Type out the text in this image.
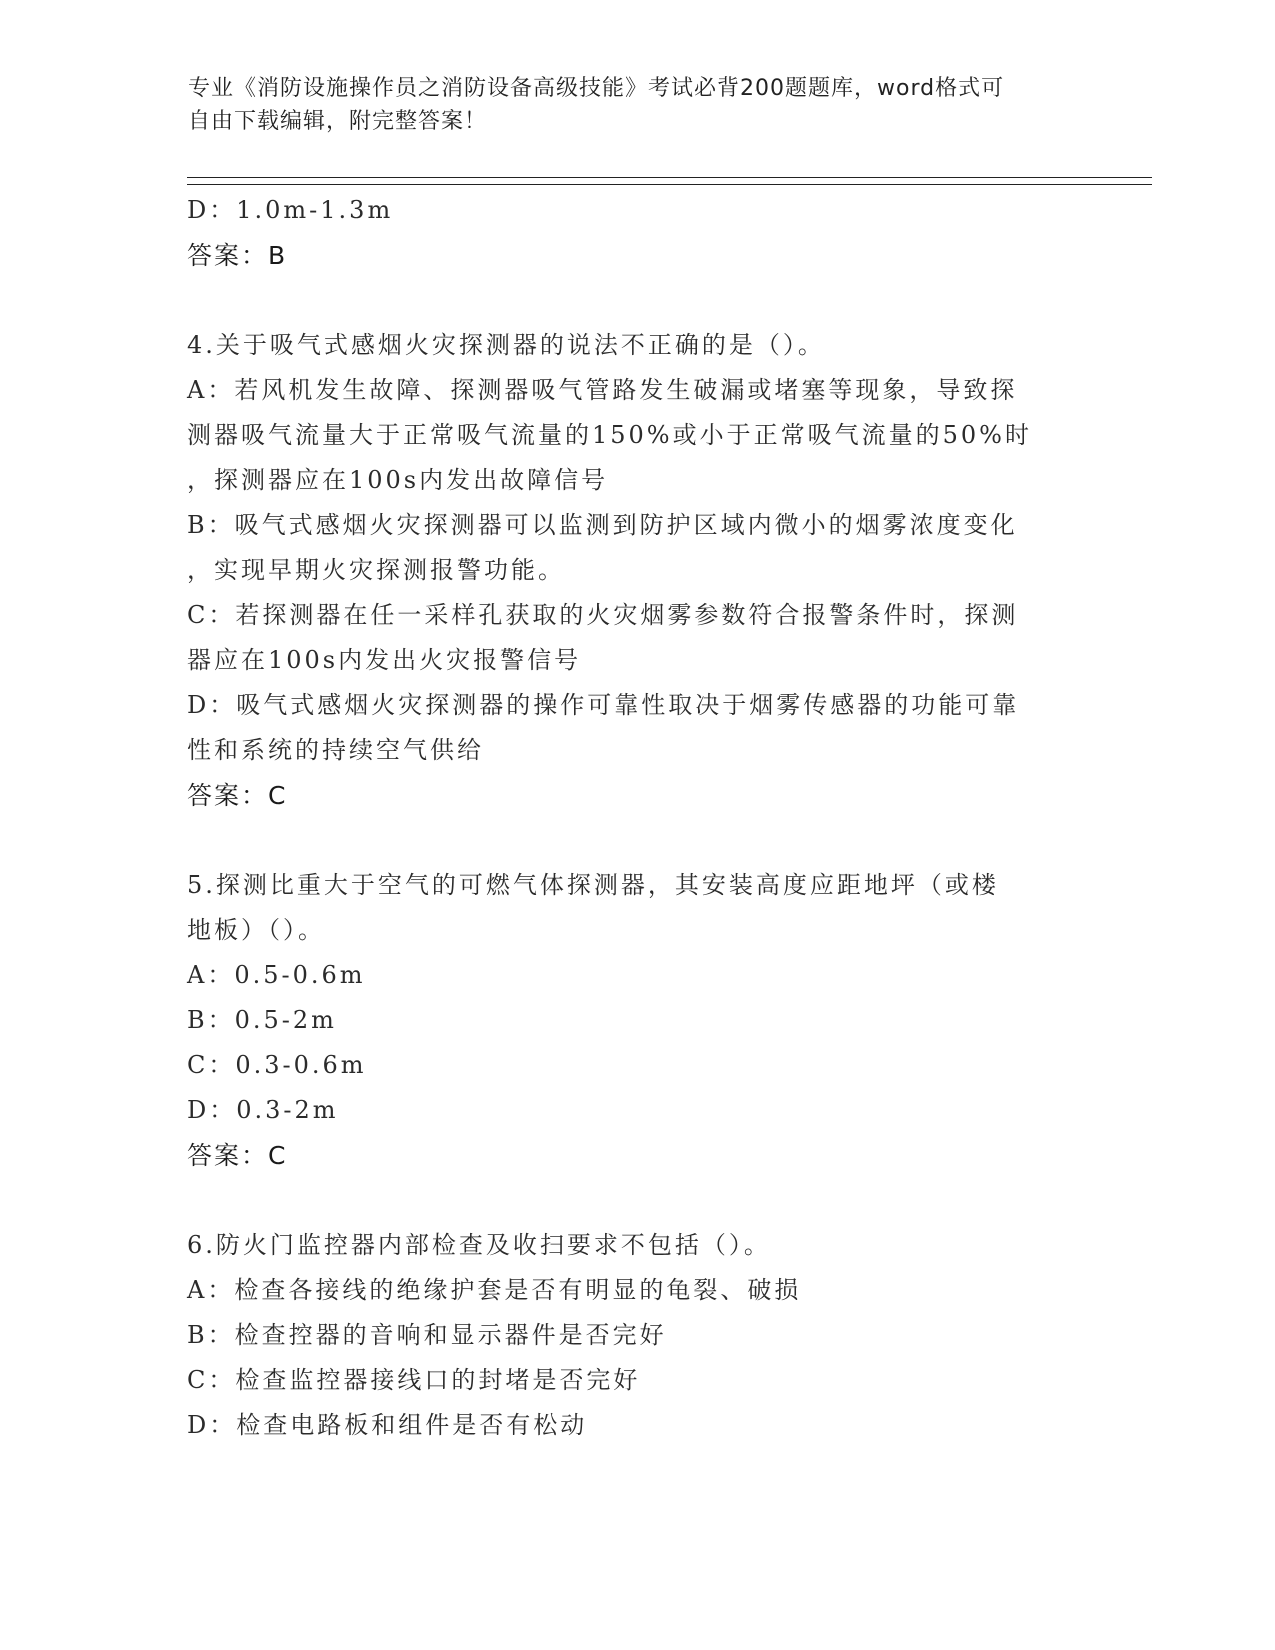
专业《消防设施操作员之消防设备高级技能》考试必背200题题库，word格式可
自由下载编辑，附完整答案！
D：1.0m-1.3m
答案：B
4.关于吸气式感烟火灾探测器的说法不正确的是（）。
A：若风机发生故障、探测器吸气管路发生破漏或堵塞等现象，导致探
测器吸气流量大于正常吸气流量的150%或小于正常吸气流量的50%时
，探测器应在100s内发出故障信号
B：吸气式感烟火灾探测器可以监测到防护区域内微小的烟雾浓度变化
，实现早期火灾探测报警功能。
C：若探测器在任一采样孔获取的火灾烟雾参数符合报警条件时，探测
器应在100s内发出火灾报警信号
D：吸气式感烟火灾探测器的操作可靠性取决于烟雾传感器的功能可靠
性和系统的持续空气供给
答案：C
5.探测比重大于空气的可燃气体探测器，其安装高度应距地坪（或楼
地板）（）。
A：0.5-0.6m
B：0.5-2m
C：0.3-0.6m
D：0.3-2m
答案：C
6.防火门监控器内部检查及收扫要求不包括（）。
A：检查各接线的绝缘护套是否有明显的龟裂、破损
B：检查控器的音响和显示器件是否完好
C：检查监控器接线口的封堵是否完好
D：检查电路板和组件是否有松动
